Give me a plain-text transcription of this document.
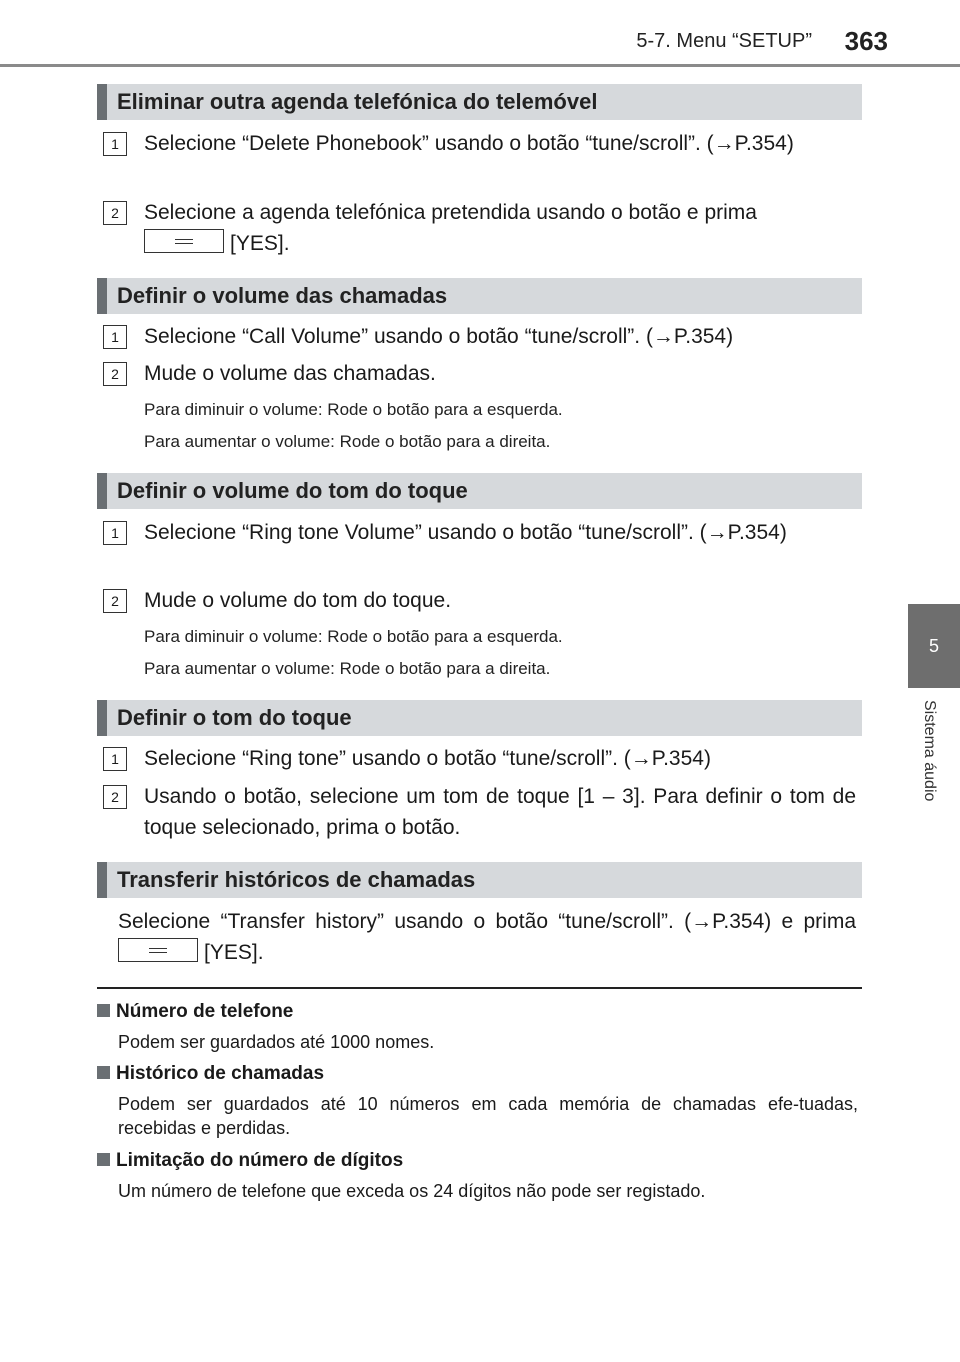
5-7. Menu “SETUP” 363
5
Sistema áudio
Eliminar outra agenda telefónica do telemóvel
1	Selecione “Delete Phonebook” usando o botão “tune/scroll”. (→P.354)
2	Selecione a agenda telefónica pretendida usando o botão e prima
[YES].
Definir o volume das chamadas
1	Selecione “Call Volume” usando o botão “tune/scroll”. (→P.354)
2	Mude o volume das chamadas.
Para diminuir o volume: Rode o botão para a esquerda.
Para aumentar o volume: Rode o botão para a direita.
Definir o volume do tom do toque
1	Selecione “Ring tone Volume” usando o botão “tune/scroll”. (→P.354)
2	Mude o volume do tom do toque.
Para diminuir o volume: Rode o botão para a esquerda.
Para aumentar o volume: Rode o botão para a direita.
Definir o tom do toque
1	Selecione “Ring tone” usando o botão “tune/scroll”. (→P.354)
2	Usando o botão, selecione um tom de toque [1 – 3]. Para definir o tom de toque selecionado, prima o botão.
Transferir históricos de chamadas
Selecione “Transfer history” usando o botão “tune/scroll”. (→P.354) e prima [YES].
Número de telefone
Podem ser guardados até 1000 nomes.
Histórico de chamadas
Podem ser guardados até 10 números em cada memória de chamadas efe-tuadas, recebidas e perdidas.
Limitação do número de dígitos
Um número de telefone que exceda os 24 dígitos não pode ser registado.
